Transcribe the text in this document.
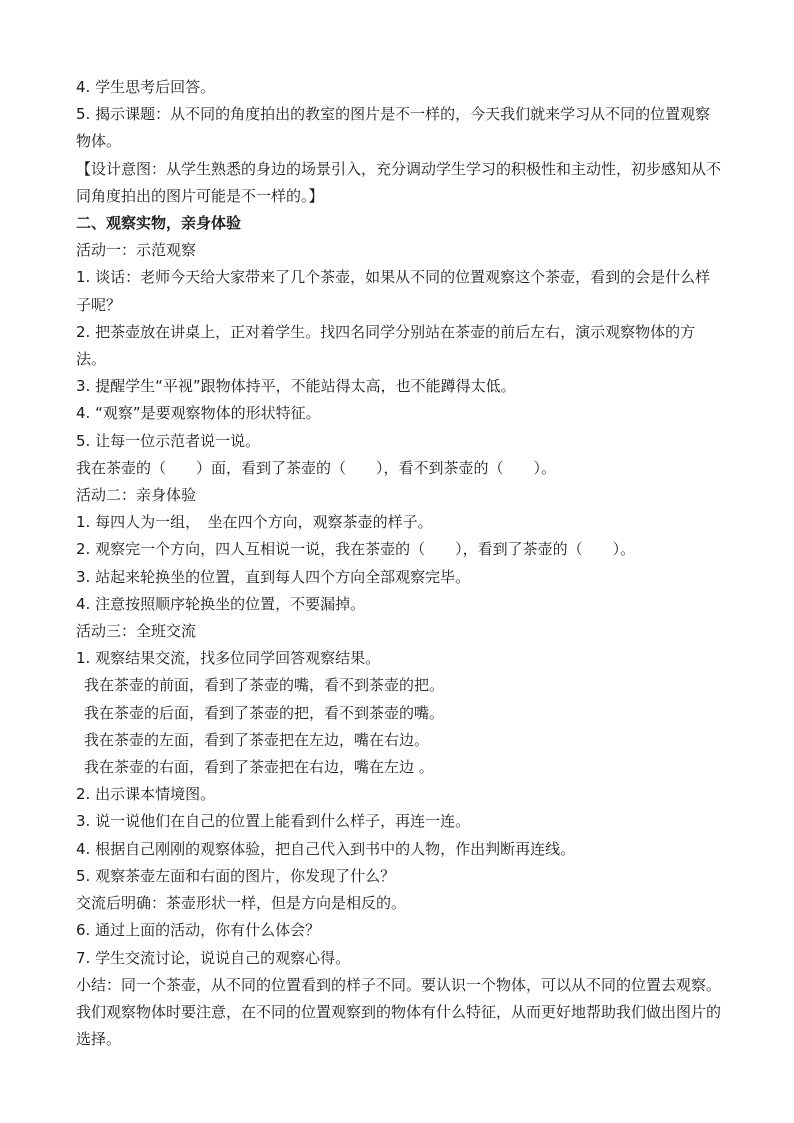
4. 学生思考后回答。
5. 揭示课题：从不同的角度拍出的教室的图片是不一样的，今天我们就来学习从不同的位置观察物体。
【设计意图：从学生熟悉的身边的场景引入，充分调动学生学习的积极性和主动性，初步感知从不同角度拍出的图片可能是不一样的。】
二、观察实物，亲身体验
活动一：示范观察
1. 谈话：老师今天给大家带来了几个茶壶，如果从不同的位置观察这个茶壶，看到的会是什么样子呢？
2. 把茶壶放在讲桌上，正对着学生。找四名同学分别站在茶壶的前后左右，演示观察物体的方法。
3. 提醒学生“平视”跟物体持平，不能站得太高，也不能蹲得太低。
4. “观察”是要观察物体的形状特征。
5. 让每一位示范者说一说。
我在茶壶的（　　）面，看到了茶壶的（　　），看不到茶壶的（　　）。
活动二：亲身体验
1. 每四人为一组，　坐在四个方向，观察茶壶的样子。
2. 观察完一个方向，四人互相说一说，我在茶壶的（　　），看到了茶壶的（　　）。
3. 站起来轮换坐的位置，直到每人四个方向全部观察完毕。
4. 注意按照顺序轮换坐的位置，不要漏掉。
活动三：全班交流
1. 观察结果交流，找多位同学回答观察结果。
我在茶壶的前面，看到了茶壶的嘴，看不到茶壶的把。
我在茶壶的后面，看到了茶壶的把，看不到茶壶的嘴。
我在茶壶的左面，看到了茶壶把在左边，嘴在右边。
我在茶壶的右面，看到了茶壶把在右边，嘴在左边 。
2. 出示课本情境图。
3. 说一说他们在自己的位置上能看到什么样子，再连一连。
4. 根据自己刚刚的观察体验，把自己代入到书中的人物，作出判断再连线。
5. 观察茶壶左面和右面的图片，你发现了什么？
交流后明确：茶壶形状一样，但是方向是相反的。
6. 通过上面的活动，你有什么体会？
7. 学生交流讨论，说说自己的观察心得。
小结：同一个茶壶，从不同的位置看到的样子不同。要认识一个物体，可以从不同的位置去观察。我们观察物体时要注意，在不同的位置观察到的物体有什么特征，从而更好地帮助我们做出图片的选择。
